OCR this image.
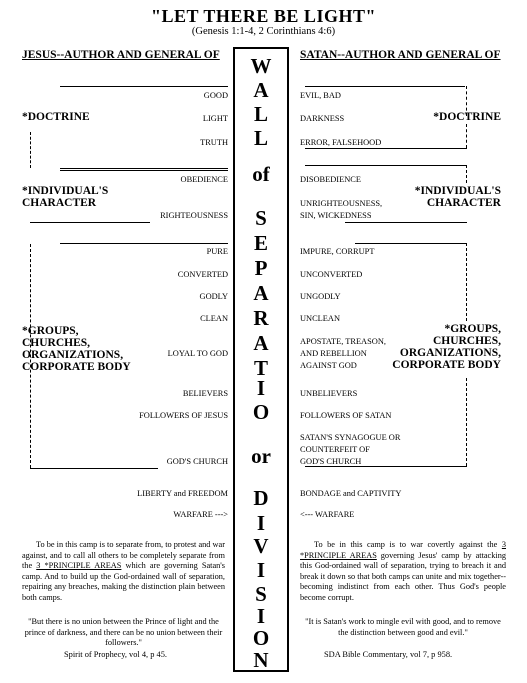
"LET THERE BE LIGHT"
(Genesis 1:1-4, 2 Corinthians 4:6)
JESUS--AUTHOR AND GENERAL OF	SATAN--AUTHOR AND GENERAL OF
W
A
L
L
of
S
E
P
A
R
A
T
I
O
or
D
I
V
I
S
I
O
N
GOOD
LIGHT
TRUTH
OBEDIENCE
RIGHTEOUSNESS
PURE
CONVERTED
GODLY
CLEAN
LOYAL TO GOD
BELIEVERS
FOLLOWERS OF JESUS
GOD'S CHURCH
LIBERTY and FREEDOM
WARFARE --->
EVIL, BAD
DARKNESS
ERROR, FALSEHOOD
DISOBEDIENCE
UNRIGHTEOUSNESS,
SIN, WICKEDNESS
IMPURE, CORRUPT
UNCONVERTED
UNGODLY
UNCLEAN
APOSTATE, TREASON,
AND REBELLION
AGAINST GOD
UNBELIEVERS
FOLLOWERS OF SATAN
SATAN'S SYNAGOGUE OR
COUNTERFEIT OF
GOD'S CHURCH
BONDAGE and CAPTIVITY
<--- WARFARE
*DOCTRINE
*INDIVIDUAL'S
CHARACTER
*GROUPS,
CHURCHES,
ORGANIZATIONS,
CORPORATE BODY
*DOCTRINE
*INDIVIDUAL'S
CHARACTER
*GROUPS,
CHURCHES,
ORGANIZATIONS,
CORPORATE BODY
To be in this camp is to separate from, to protest and war against, and to call all others to be completely separate from the 3 *PRINCIPLE AREAS which are governing Satan's camp. And to build up the God-ordained wall of separation, repairing any breaches, making the distinction plain between both camps.
To be in this camp is to war covertly against the 3 *PRINCIPLE AREAS governing Jesus' camp by attacking this God-ordained wall of separation, trying to breach it and break it down so that both camps can unite and mix together--becoming indistinct from each other. Thus God's people become corrupt.
"But there is no union between the Prince of light and the prince of darkness, and there can be no union between their followers."
Spirit of Prophecy, vol 4, p 45.
"It is Satan's work to mingle evil with good, and to remove the distinction between good and evil."
SDA Bible Commentary, vol 7, p 958.
